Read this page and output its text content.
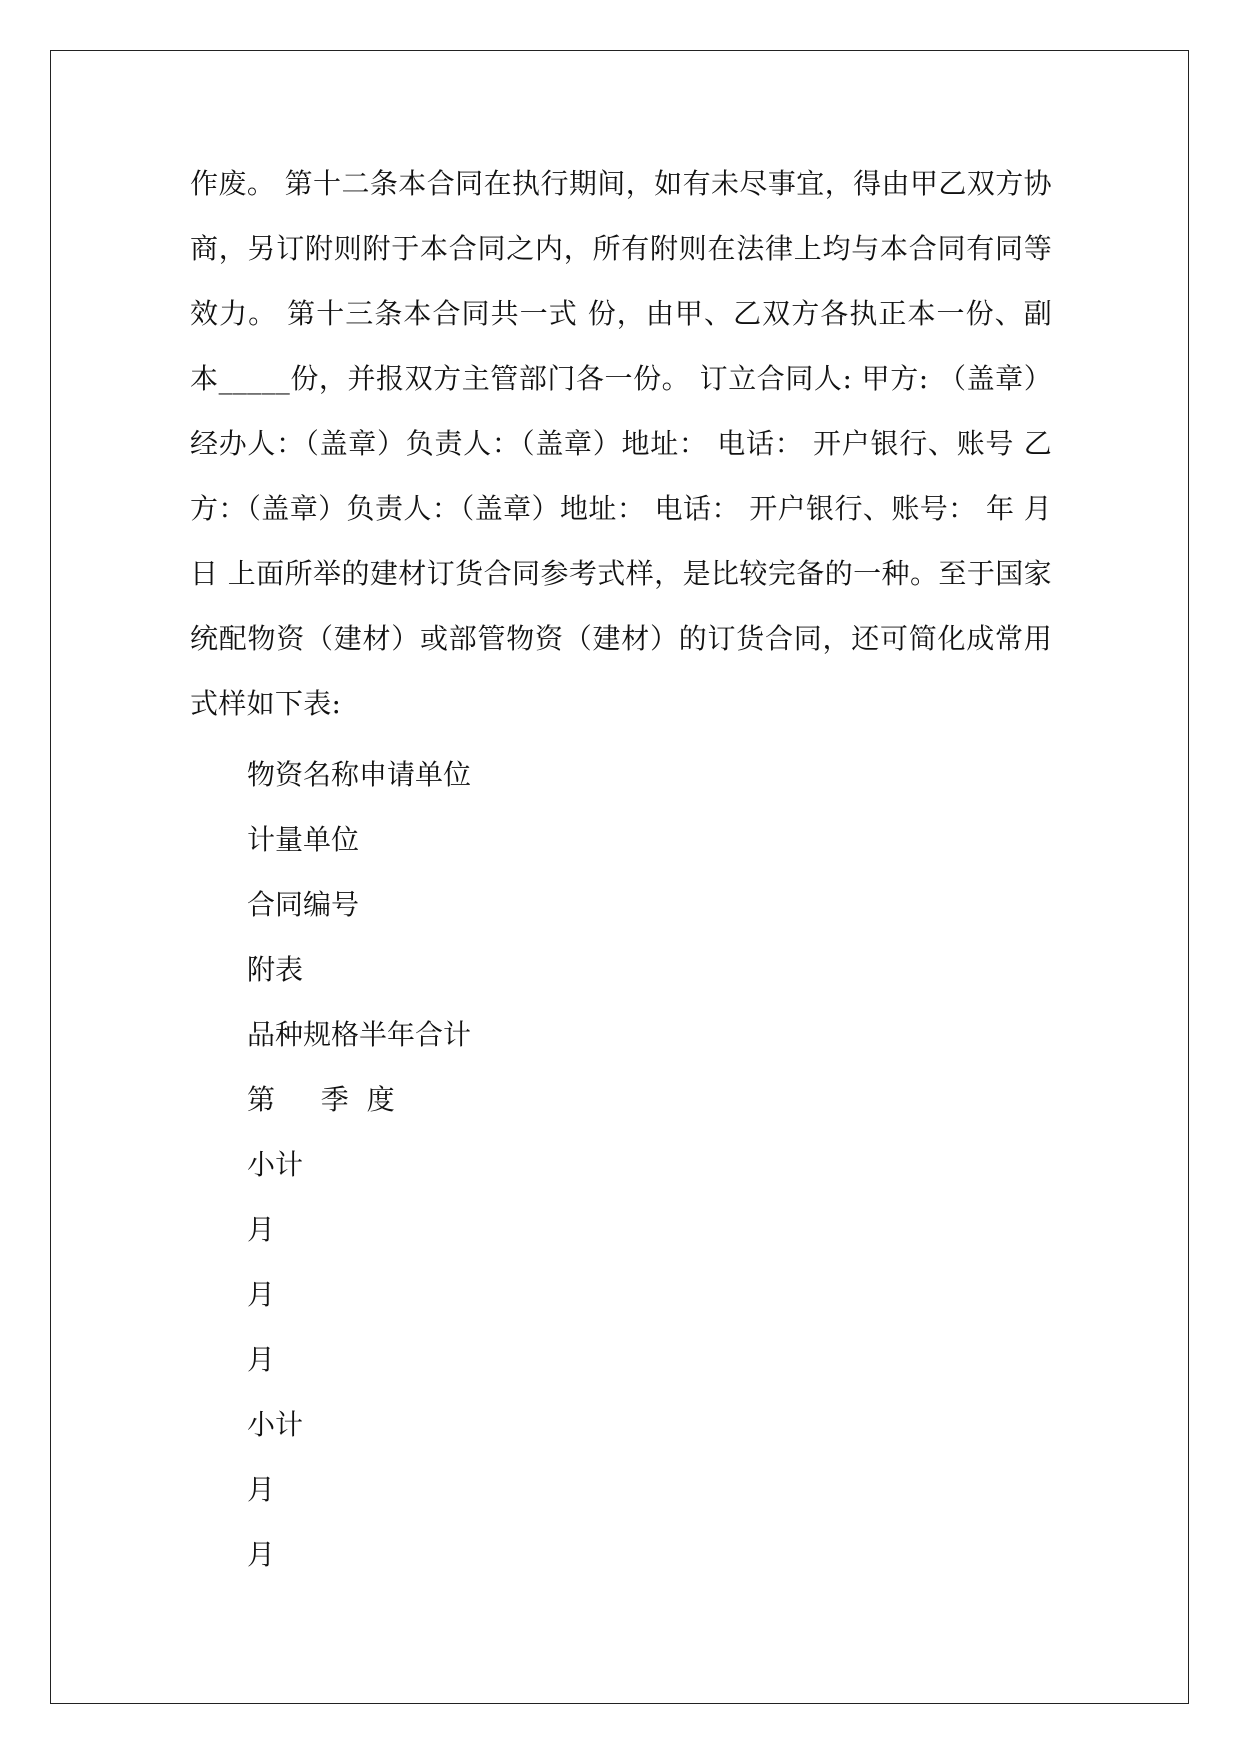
作废。 第十二条本合同在执行期间，如有未尽事宜，得由甲乙双方协商，另订附则附于本合同之内，所有附则在法律上均与本合同有同等效力。 第十三条本合同共一式 份，由甲、乙双方各执正本一份、副本_____份，并报双方主管部门各一份。 订立合同人: 甲方: （盖章）经办人：（盖章）负责人：（盖章）地址： 电话： 开户银行、账号 乙方：（盖章）负责人：（盖章）地址： 电话： 开户银行、账号： 年 月 日 上面所举的建材订货合同参考式样，是比较完备的一种。至于国家统配物资（建材）或部管物资（建材）的订货合同，还可简化成常用式样如下表:

物资名称申请单位
计量单位
合同编号
附表
品种规格半年合计
第　  季  度
小计
月
月
月
小计
月
月
